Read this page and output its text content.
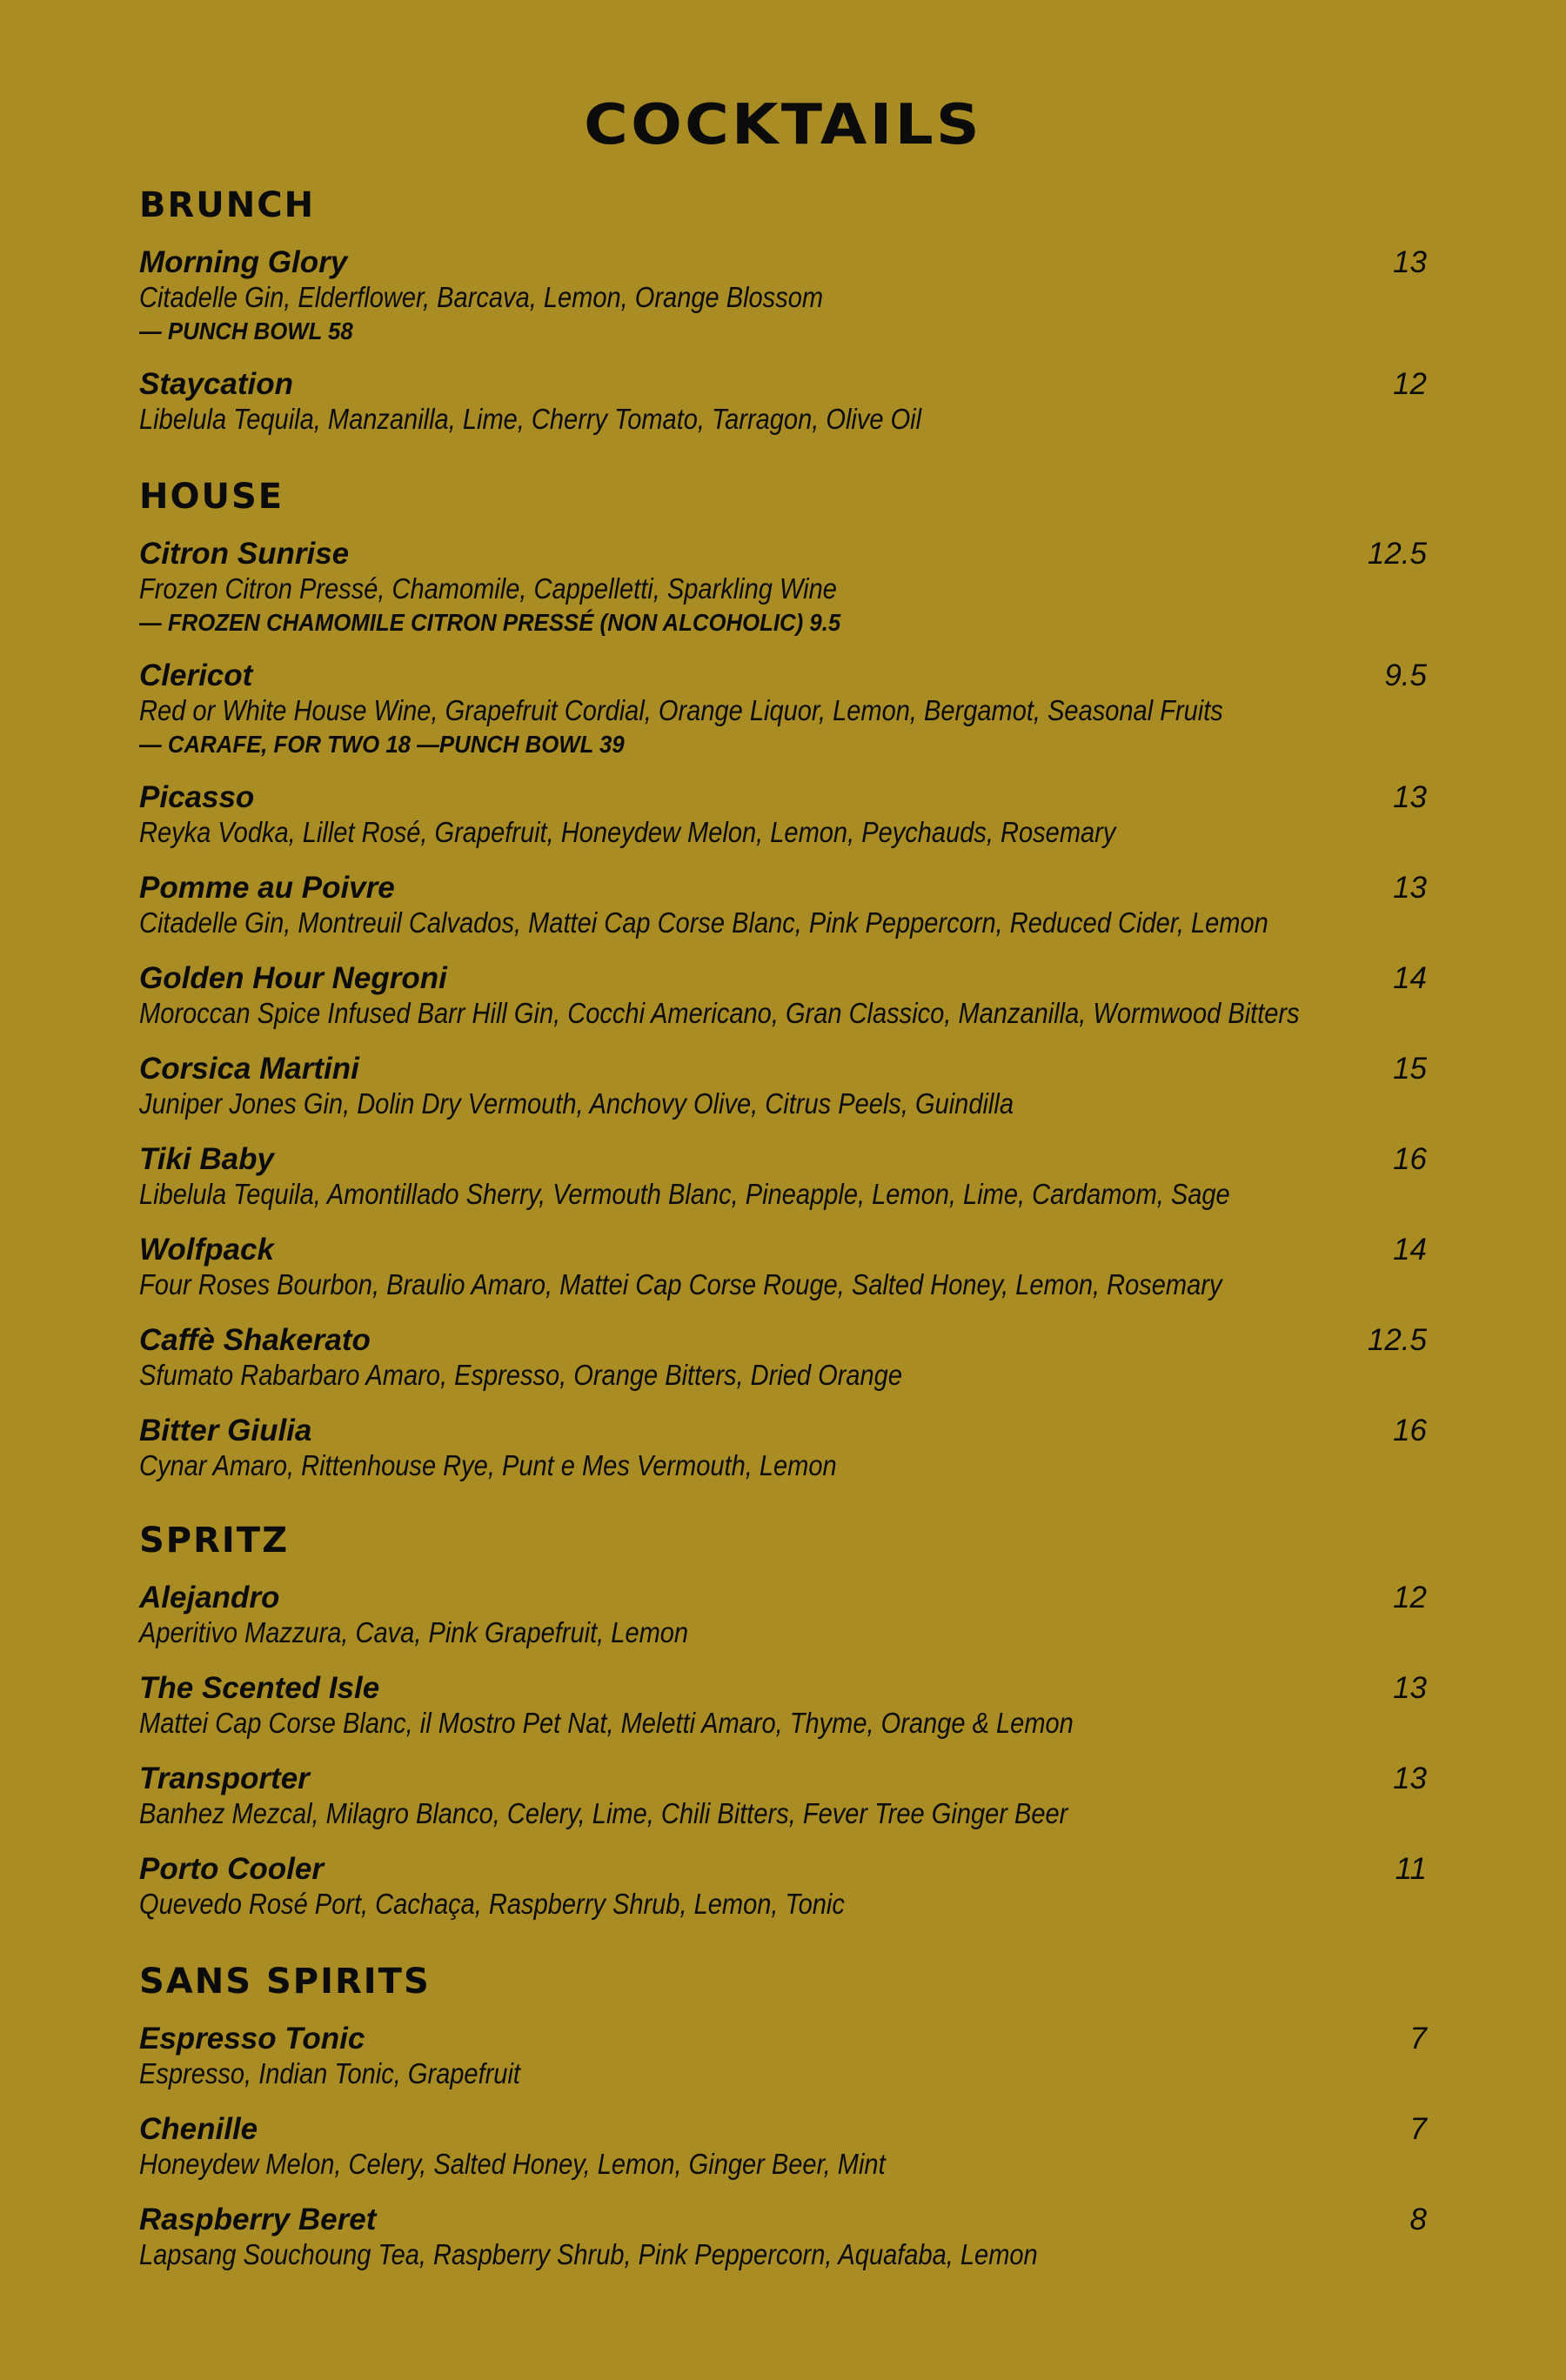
COCKTAILS
BRUNCH
Morning Glory	13
Citadelle Gin, Elderflower, Barcava, Lemon, Orange Blossom
— PUNCH BOWL 58
Staycation	12
Libelula Tequila, Manzanilla, Lime, Cherry Tomato, Tarragon, Olive Oil
HOUSE
Citron Sunrise	12.5
Frozen Citron Pressé, Chamomile, Cappelletti, Sparkling Wine
— FROZEN CHAMOMILE CITRON PRESSÉ (NON ALCOHOLIC) 9.5
Clericot	9.5
Red or White House Wine, Grapefruit Cordial, Orange Liquor, Lemon, Bergamot, Seasonal Fruits
— CARAFE, FOR TWO 18 —PUNCH BOWL 39
Picasso	13
Reyka Vodka, Lillet Rosé, Grapefruit, Honeydew Melon, Lemon, Peychauds, Rosemary
Pomme au Poivre	13
Citadelle Gin, Montreuil Calvados, Mattei Cap Corse Blanc, Pink Peppercorn, Reduced Cider, Lemon
Golden Hour Negroni	14
Moroccan Spice Infused Barr Hill Gin, Cocchi Americano, Gran Classico, Manzanilla, Wormwood Bitters
Corsica Martini	15
Juniper Jones Gin, Dolin Dry Vermouth, Anchovy Olive, Citrus Peels, Guindilla
Tiki Baby	16
Libelula Tequila, Amontillado Sherry, Vermouth Blanc, Pineapple, Lemon, Lime, Cardamom, Sage
Wolfpack	14
Four Roses Bourbon, Braulio Amaro, Mattei Cap Corse Rouge, Salted Honey, Lemon, Rosemary
Caffè Shakerato	12.5
Sfumato Rabarbaro Amaro, Espresso, Orange Bitters, Dried Orange
Bitter Giulia	16
Cynar Amaro, Rittenhouse Rye, Punt e Mes Vermouth, Lemon
SPRITZ
Alejandro	12
Aperitivo Mazzura, Cava, Pink Grapefruit, Lemon
The Scented Isle	13
Mattei Cap Corse Blanc, il Mostro Pet Nat, Meletti Amaro, Thyme, Orange & Lemon
Transporter	13
Banhez Mezcal, Milagro Blanco, Celery, Lime, Chili Bitters, Fever Tree Ginger Beer
Porto Cooler	11
Quevedo Rosé Port, Cachaça, Raspberry Shrub, Lemon, Tonic
SANS SPIRITS
Espresso Tonic	7
Espresso, Indian Tonic, Grapefruit
Chenille	7
Honeydew Melon, Celery, Salted Honey, Lemon, Ginger Beer, Mint
Raspberry Beret	8
Lapsang Souchoung Tea, Raspberry Shrub, Pink Peppercorn, Aquafaba, Lemon
